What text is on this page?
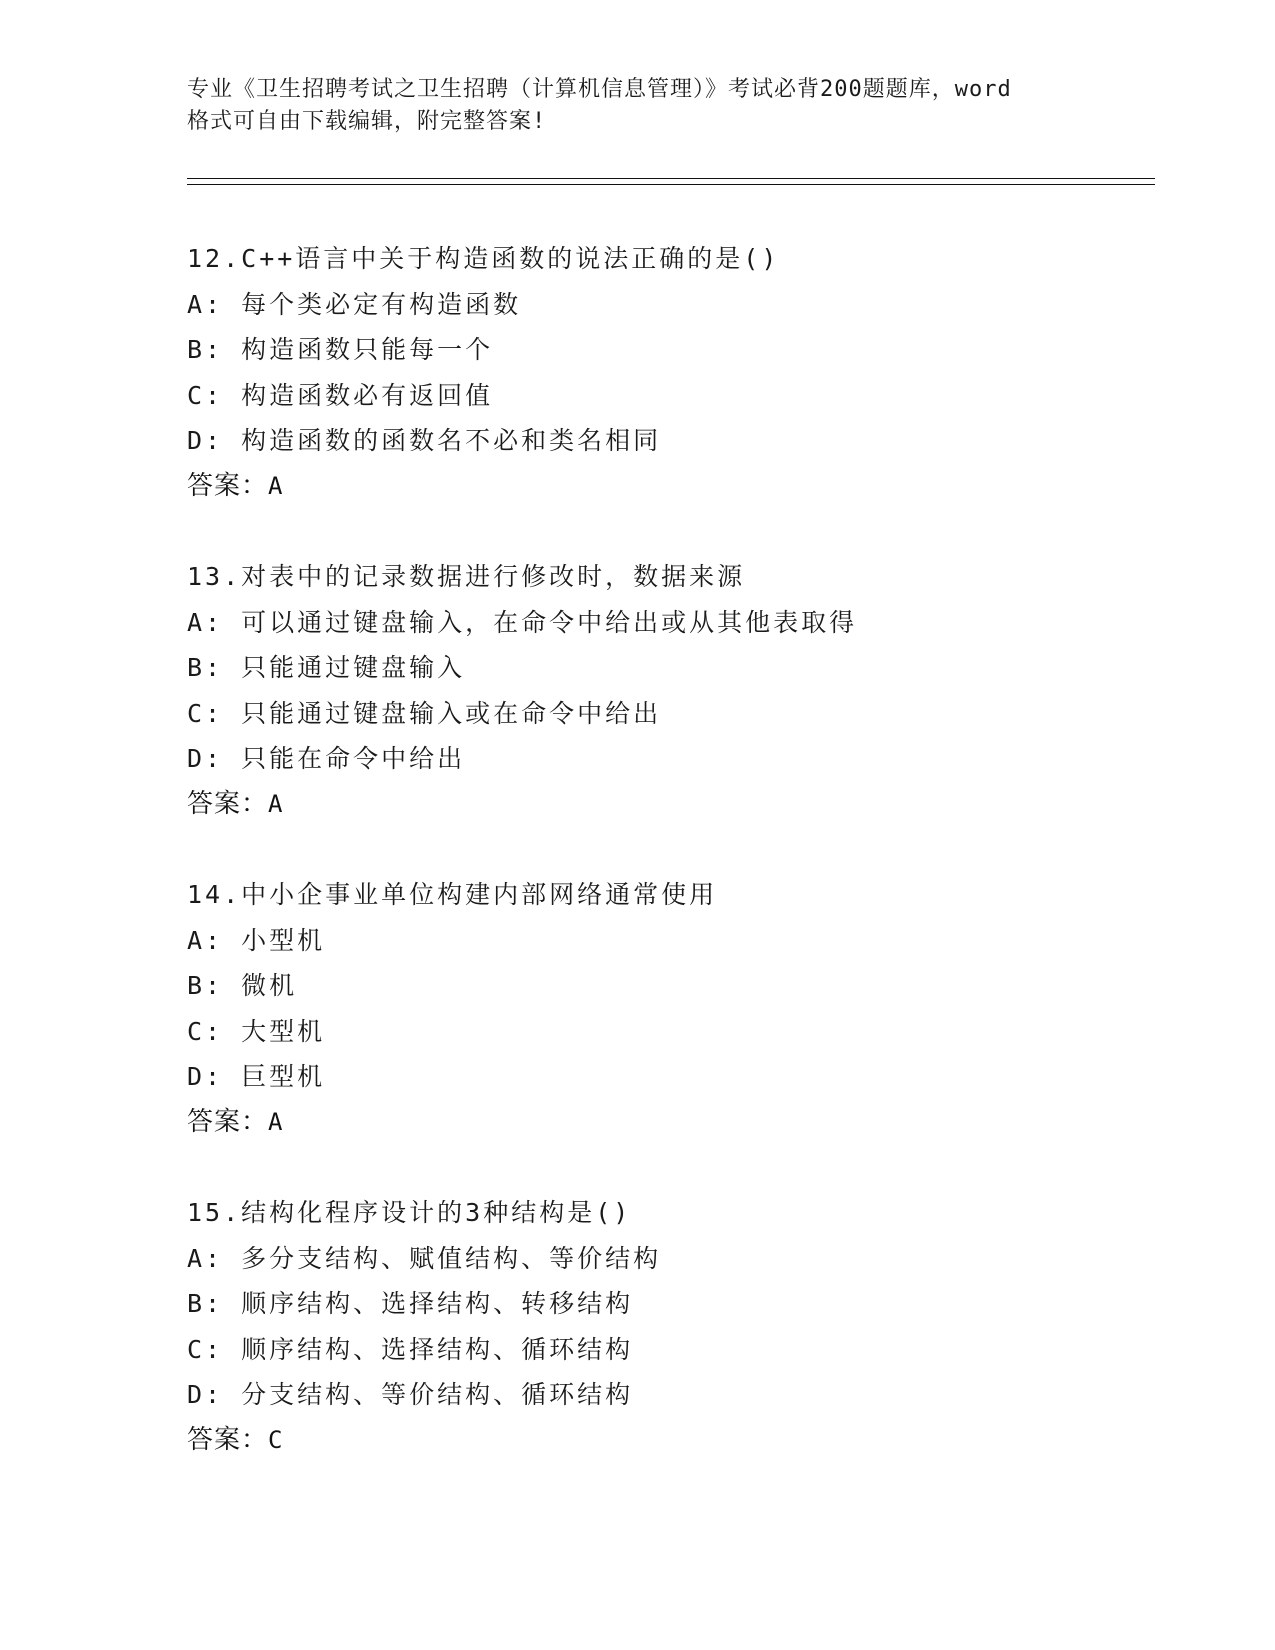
专业《卫生招聘考试之卫生招聘（计算机信息管理）》考试必背200题题库，word
格式可自由下载编辑，附完整答案!
12.C++语言中关于构造函数的说法正确的是()
A: 每个类必定有构造函数
B: 构造函数只能每一个
C: 构造函数必有返回值
D: 构造函数的函数名不必和类名相同
答案：A
13.对表中的记录数据进行修改时，数据来源
A: 可以通过键盘输入，在命令中给出或从其他表取得
B: 只能通过键盘输入
C: 只能通过键盘输入或在命令中给出
D: 只能在命令中给出
答案：A
14.中小企事业单位构建内部网络通常使用
A: 小型机
B: 微机
C: 大型机
D: 巨型机
答案：A
15.结构化程序设计的3种结构是()
A: 多分支结构、赋值结构、等价结构
B: 顺序结构、选择结构、转移结构
C: 顺序结构、选择结构、循环结构
D: 分支结构、等价结构、循环结构
答案：C
